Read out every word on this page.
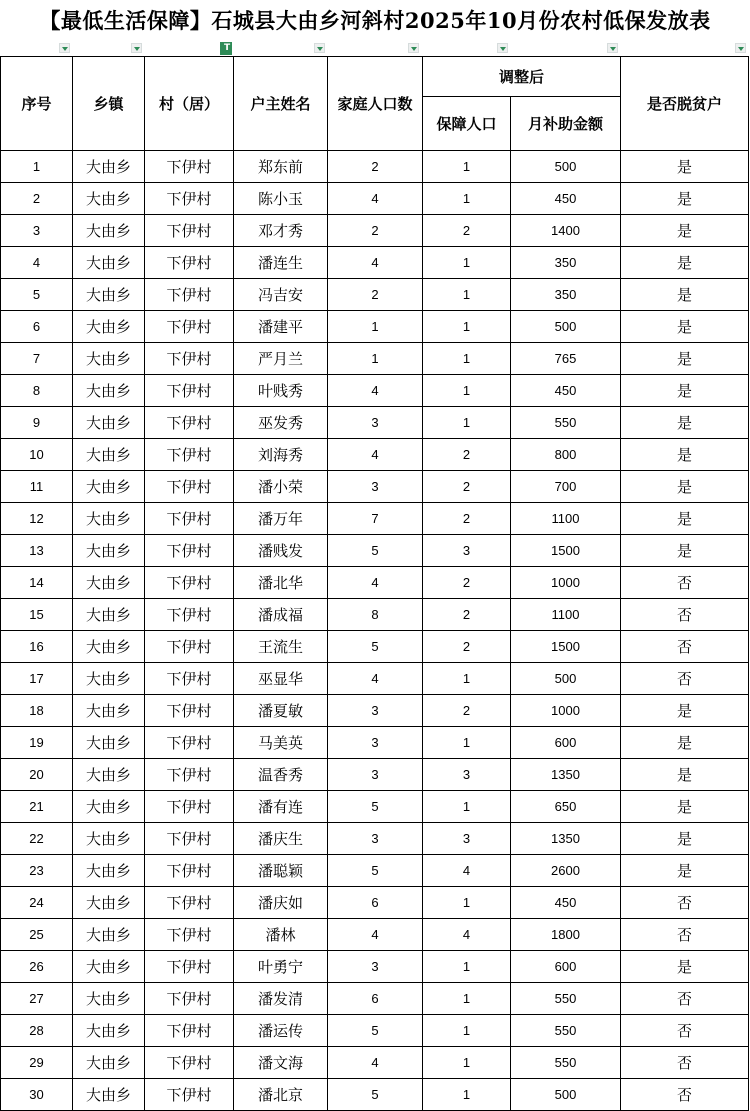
【最低生活保障】石城县大由乡河斜村2025年10月份农村低保发放表
T
序号	乡镇	村（居）	户主姓名	家庭人口数	调整后		是否脱贫户
					保障人口	月补助金额	
1	大由乡	下伊村	郑东前	2	1	500	是
2	大由乡	下伊村	陈小玉	4	1	450	是
3	大由乡	下伊村	邓才秀	2	2	1400	是
4	大由乡	下伊村	潘连生	4	1	350	是
5	大由乡	下伊村	冯吉安	2	1	350	是
6	大由乡	下伊村	潘建平	1	1	500	是
7	大由乡	下伊村	严月兰	1	1	765	是
8	大由乡	下伊村	叶贱秀	4	1	450	是
9	大由乡	下伊村	巫发秀	3	1	550	是
10	大由乡	下伊村	刘海秀	4	2	800	是
11	大由乡	下伊村	潘小荣	3	2	700	是
12	大由乡	下伊村	潘万年	7	2	1100	是
13	大由乡	下伊村	潘贱发	5	3	1500	是
14	大由乡	下伊村	潘北华	4	2	1000	否
15	大由乡	下伊村	潘成福	8	2	1100	否
16	大由乡	下伊村	王流生	5	2	1500	否
17	大由乡	下伊村	巫显华	4	1	500	否
18	大由乡	下伊村	潘夏敏	3	2	1000	是
19	大由乡	下伊村	马美英	3	1	600	是
20	大由乡	下伊村	温香秀	3	3	1350	是
21	大由乡	下伊村	潘有连	5	1	650	是
22	大由乡	下伊村	潘庆生	3	3	1350	是
23	大由乡	下伊村	潘聪颖	5	4	2600	是
24	大由乡	下伊村	潘庆如	6	1	450	否
25	大由乡	下伊村	潘林	4	4	1800	否
26	大由乡	下伊村	叶勇宁	3	1	600	是
27	大由乡	下伊村	潘发清	6	1	550	否
28	大由乡	下伊村	潘运传	5	1	550	否
29	大由乡	下伊村	潘文海	4	1	550	否
30	大由乡	下伊村	潘北京	5	1	500	否
